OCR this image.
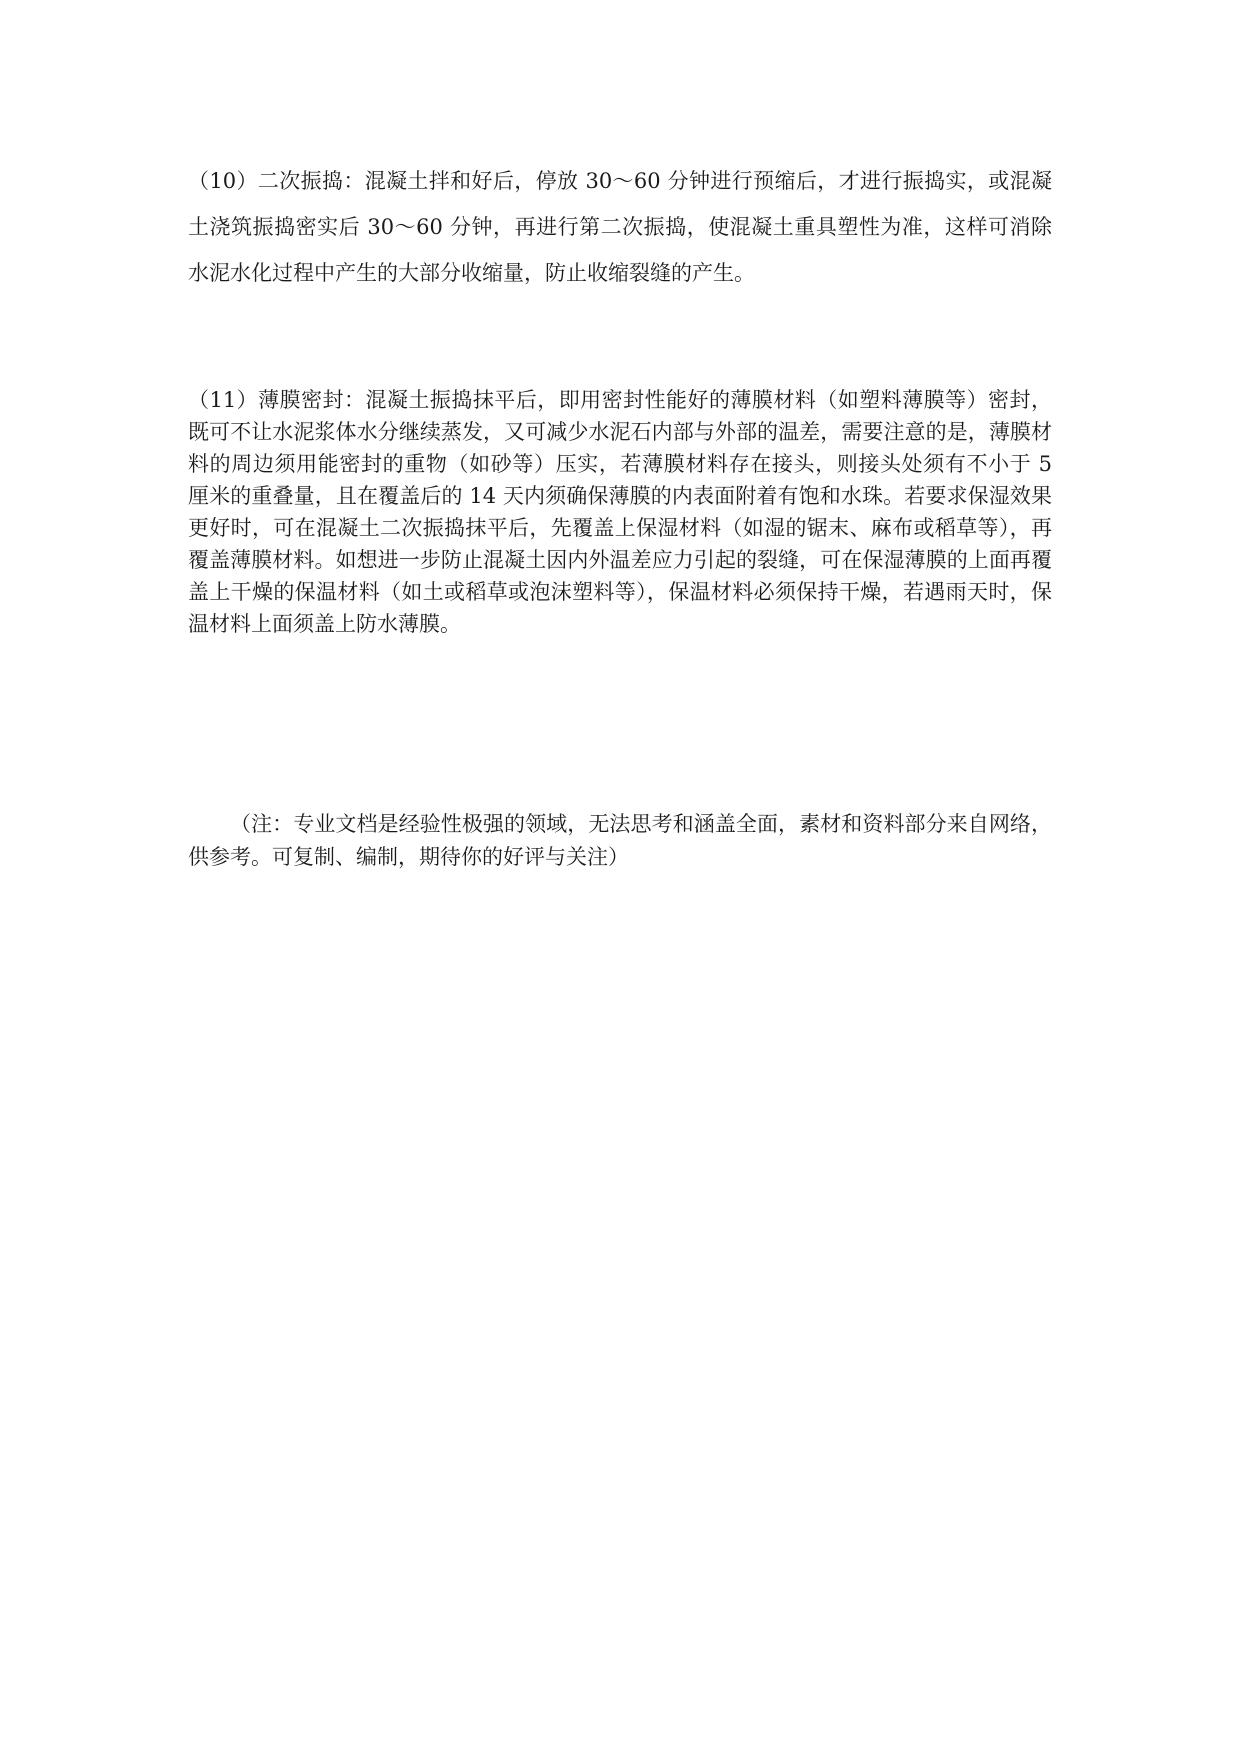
（10）二次振捣：混凝土拌和好后，停放 30～60 分钟进行预缩后，才进行振捣实，或混凝土浇筑振捣密实后 30～60 分钟，再进行第二次振捣，使混凝土重具塑性为准，这样可消除水泥水化过程中产生的大部分收缩量，防止收缩裂缝的产生。

（11）薄膜密封：混凝土振捣抹平后，即用密封性能好的薄膜材料（如塑料薄膜等）密封，既可不让水泥浆体水分继续蒸发，又可减少水泥石内部与外部的温差，需要注意的是，薄膜材料的周边须用能密封的重物（如砂等）压实，若薄膜材料存在接头，则接头处须有不小于 5 厘米的重叠量，且在覆盖后的 14 天内须确保薄膜的内表面附着有饱和水珠。若要求保湿效果更好时，可在混凝土二次振捣抹平后，先覆盖上保湿材料（如湿的锯末、麻布或稻草等），再覆盖薄膜材料。如想进一步防止混凝土因内外温差应力引起的裂缝，可在保湿薄膜的上面再覆盖上干燥的保温材料（如土或稻草或泡沫塑料等），保温材料必须保持干燥，若遇雨天时，保温材料上面须盖上防水薄膜。

（注：专业文档是经验性极强的领域，无法思考和涵盖全面，素材和资料部分来自网络，供参考。可复制、编制，期待你的好评与关注）
